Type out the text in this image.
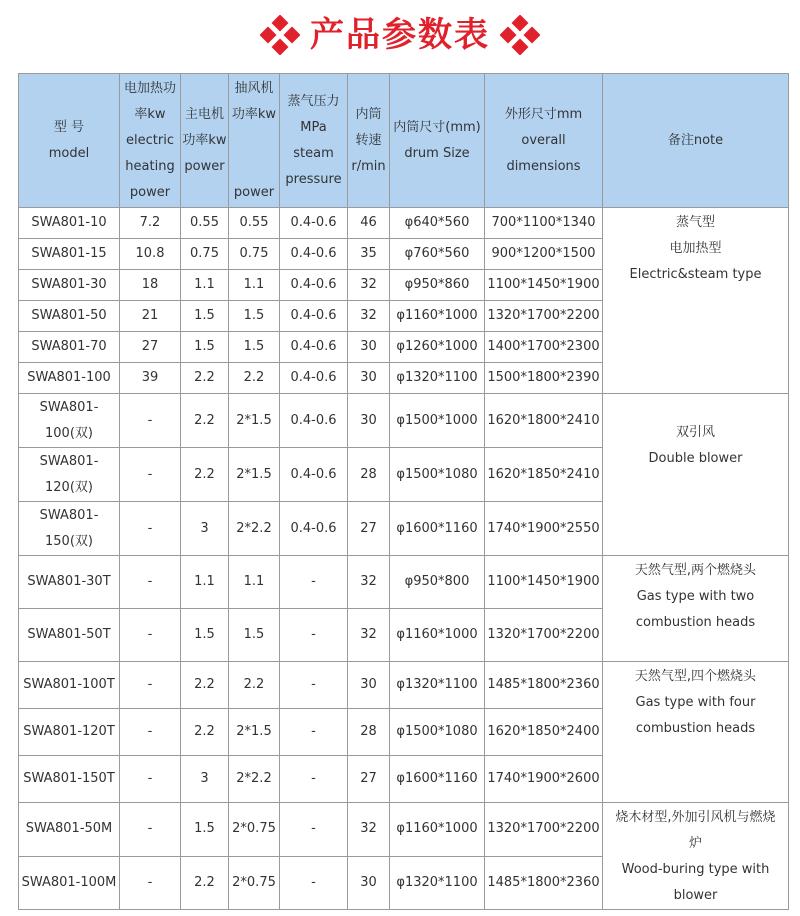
产品参数表
型 号
model	电加热功
率kw
electric
heating
power	主电机
功率kw
power	抽风机
功率kw
power	蒸气压力
MPa
steam
pressure	内筒
转速
r/min	内筒尺寸(mm)
drum Size	外形尺寸mm
overall dimensions	备注note

SWA801-10	7.2	0.55	0.55	0.4-0.6	46	φ640*560	700*1100*1340	蒸气型
电加热型
Electric&steam type

SWA801-15	10.8	0.75	0.75	0.4-0.6	35	φ760*560	900*1200*1500	

SWA801-30	18	1.1	1.1	0.4-0.6	32	φ950*860	1100*1450*1900	

SWA801-50	21	1.5	1.5	0.4-0.6	32	φ1160*1000	1320*1700*2200	

SWA801-70	27	1.5	1.5	0.4-0.6	30	φ1260*1000	1400*1700*2300	

SWA801-100	39	2.2	2.2	0.4-0.6	30	φ1320*1100	1500*1800*2390	

SWA801-
100(双)	-	2.2	2*1.5	0.4-0.6	30	φ1500*1000	1620*1800*2410	双引风
Double blower

SWA801-
120(双)	-	2.2	2*1.5	0.4-0.6	28	φ1500*1080	1620*1850*2410	

SWA801-
150(双)	-	3	2*2.2	0.4-0.6	27	φ1600*1160	1740*1900*2550	

SWA801-30T	-	1.1	1.1	-	32	φ950*800	1100*1450*1900	天然气型,两个燃烧头
Gas type with two
combustion heads

SWA801-50T	-	1.5	1.5	-	32	φ1160*1000	1320*1700*2200	

SWA801-100T	-	2.2	2.2	-	30	φ1320*1100	1485*1800*2360	天然气型,四个燃烧头
Gas type with four
combustion heads

SWA801-120T	-	2.2	2*1.5	-	28	φ1500*1080	1620*1850*2400	

SWA801-150T	-	3	2*2.2	-	27	φ1600*1160	1740*1900*2600	

SWA801-50M	-	1.5	2*0.75	-	32	φ1160*1000	1320*1700*2200	烧木材型,外加引风机与燃烧
炉
Wood-buring type with blower

SWA801-100M	-	2.2	2*0.75	-	30	φ1320*1100	1485*1800*2360	
